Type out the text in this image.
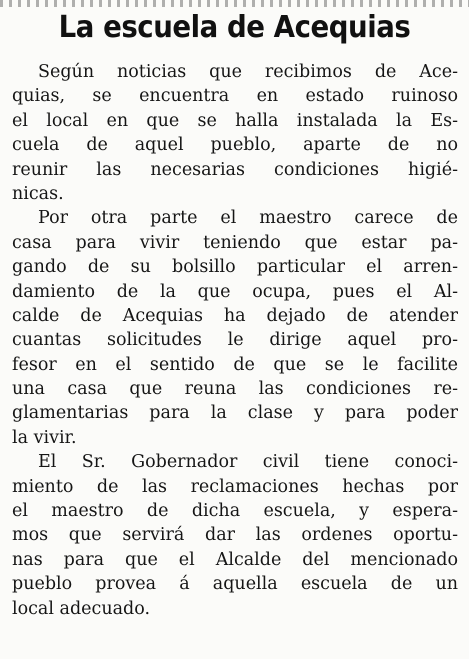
La escuela de Acequias
Según noticias que recibimos de Ace-
quias, se encuentra en estado ruinoso
el local en que se halla instalada la Es-
cuela de aquel pueblo, aparte de no
reunir las necesarias condiciones higié-
nicas.
Por otra parte el maestro carece de
casa para vivir teniendo que estar pa-
gando de su bolsillo particular el arren-
damiento de la que ocupa, pues el Al-
calde de Acequias ha dejado de atender
cuantas solicitudes le dirige aquel pro-
fesor en el sentido de que se le facilite
una casa que reuna las condiciones re-
glamentarias para la clase y para poder
la vivir.
El Sr. Gobernador civil tiene conoci-
miento de las reclamaciones hechas por
el maestro de dicha escuela, y espera-
mos que servirá dar las ordenes oportu-
nas para que el Alcalde del mencionado
pueblo provea á aquella escuela de un
local adecuado.
